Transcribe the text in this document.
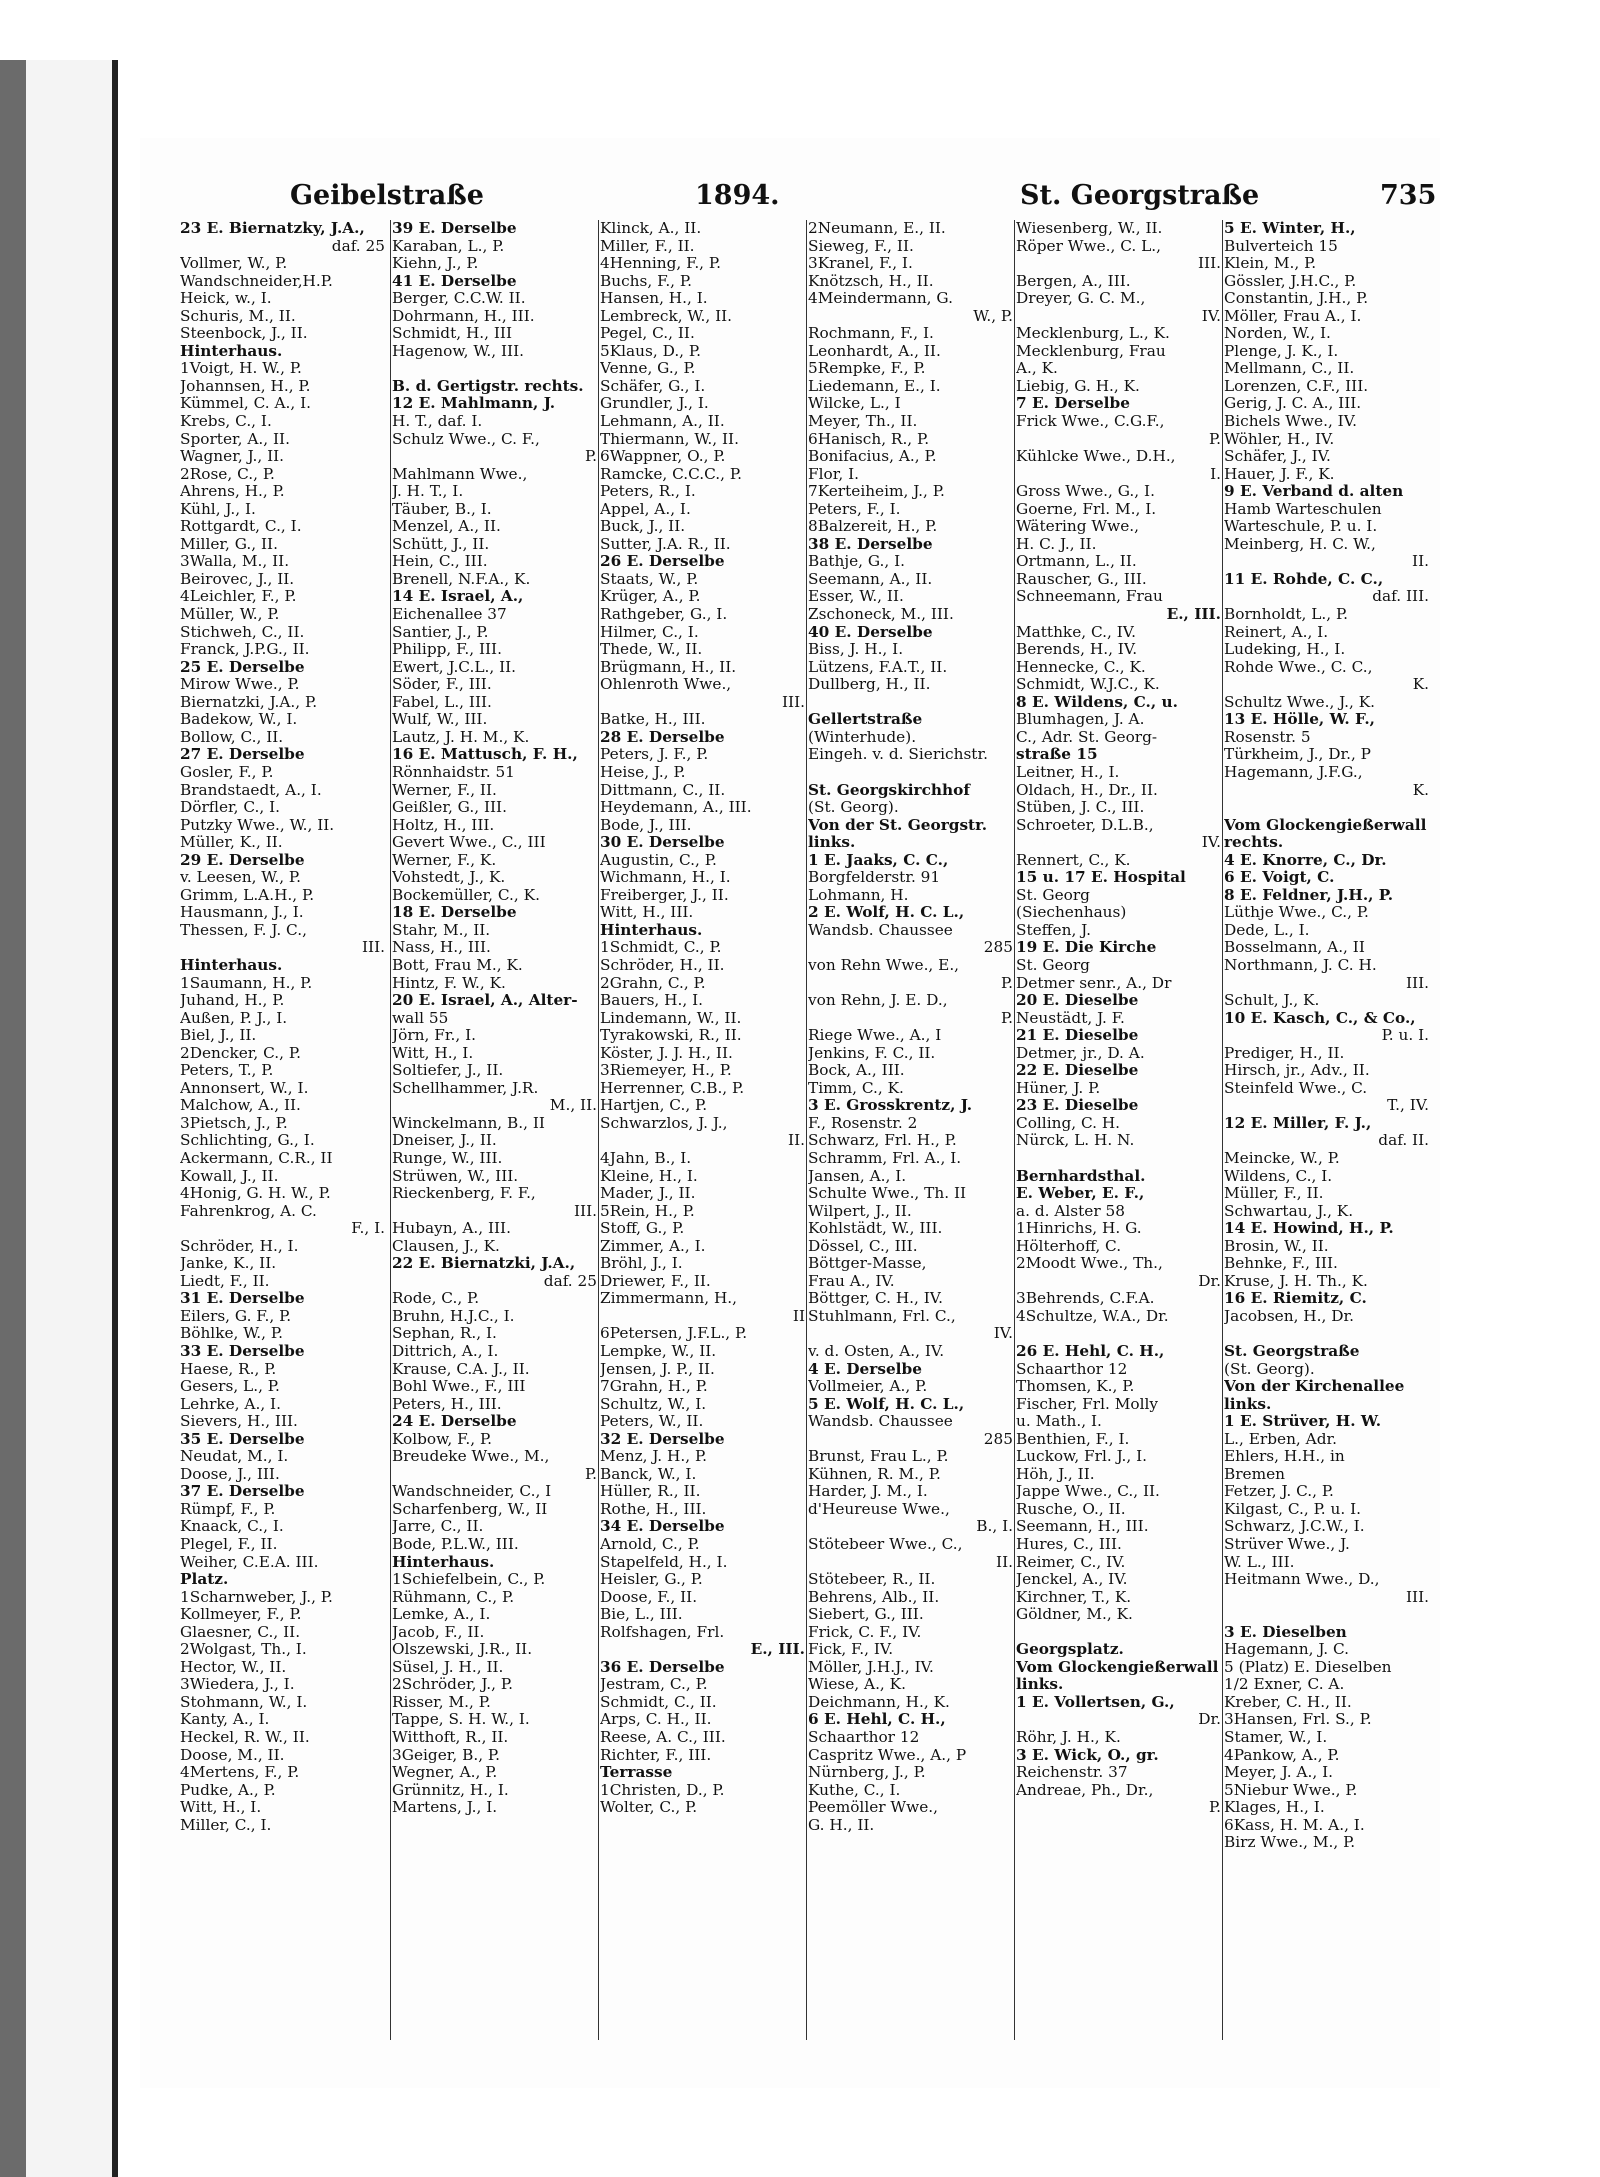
Geibelstraße	1894.	St. Georgstraße	735
23 E. Biernatzky, J.A.,
daf. 25
Vollmer, W., P.
Wandschneider,H.P.
Heick, w., I.
Schuris, M., II.
Steenbock, J., II.
Hinterhaus.
1Voigt, H. W., P.
Johannsen, H., P.
Kümmel, C. A., I.
Krebs, C., I.
Sporter, A., II.
Wagner, J., II.
2Rose, C., P.
Ahrens, H., P.
Kühl, J., I.
Rottgardt, C., I.
Miller, G., II.
3Walla, M., II.
Beirovec, J., II.
4Leichler, F., P.
Müller, W., P.
Stichweh, C., II.
Franck, J.P.G., II.
25 E. Derselbe
Mirow Wwe., P.
Biernatzki, J.A., P.
Badekow, W., I.
Bollow, C., II.
27 E. Derselbe
Gosler, F., P.
Brandstaedt, A., I.
Dörfler, C., I.
Putzky Wwe., W., II.
Müller, K., II.
29 E. Derselbe
v. Leesen, W., P.
Grimm, L.A.H., P.
Hausmann, J., I.
Thessen, F. J. C.,
III.
Hinterhaus.
1Saumann, H., P.
Juhand, H., P.
Außen, P. J., I.
Biel, J., II.
2Dencker, C., P.
Peters, T., P.
Annonsert, W., I.
Malchow, A., II.
3Pietsch, J., P.
Schlichting, G., I.
Ackermann, C.R., II
Kowall, J., II.
4Honig, G. H. W., P.
Fahrenkrog, A. C.
F., I.
Schröder, H., I.
Janke, K., II.
Liedt, F., II.
31 E. Derselbe
Eilers, G. F., P.
Böhlke, W., P.
33 E. Derselbe
Haese, R., P.
Gesers, L., P.
Lehrke, A., I.
Sievers, H., III.
35 E. Derselbe
Neudat, M., I.
Doose, J., III.
37 E. Derselbe
Rümpf, F., P.
Knaack, C., I.
Plegel, F., II.
Weiher, C.E.A. III.
Platz.
1Scharnweber, J., P.
Kollmeyer, F., P.
Glaesner, C., II.
2Wolgast, Th., I.
Hector, W., II.
3Wiedera, J., I.
Stohmann, W., I.
Kanty, A., I.
Heckel, R. W., II.
Doose, M., II.
4Mertens, F., P.
Pudke, A., P.
Witt, H., I.
Miller, C., I.
39 E. Derselbe
Karaban, L., P.
Kiehn, J., P.
41 E. Derselbe
Berger, C.C.W. II.
Dohrmann, H., III.
Schmidt, H., III
Hagenow, W., III.
B. d. Gertigstr. rechts.
12 E. Mahlmann, J.
H. T., daf. I.
Schulz Wwe., C. F.,
P.
Mahlmann Wwe.,
J. H. T., I.
Täuber, B., I.
Menzel, A., II.
Schütt, J., II.
Hein, C., III.
Brenell, N.F.A., K.
14 E. Israel, A.,
Eichenallee 37
Santier, J., P.
Philipp, F., III.
Ewert, J.C.L., II.
Söder, F., III.
Fabel, L., III.
Wulf, W., III.
Lautz, J. H. M., K.
16 E. Mattusch, F. H.,
Rönnhaidstr. 51
Werner, F., II.
Geißler, G., III.
Holtz, H., III.
Gevert Wwe., C., III
Werner, F., K.
Vohstedt, J., K.
Bockemüller, C., K.
18 E. Derselbe
Stahr, M., II.
Nass, H., III.
Bott, Frau M., K.
Hintz, F. W., K.
20 E. Israel, A., Alter-
wall 55
Jörn, Fr., I.
Witt, H., I.
Soltiefer, J., II.
Schellhammer, J.R.
M., II.
Winckelmann, B., II
Dneiser, J., II.
Runge, W., III.
Strüwen, W., III.
Rieckenberg, F. F.,
III.
Hubayn, A., III.
Clausen, J., K.
22 E. Biernatzki, J.A.,
daf. 25
Rode, C., P.
Bruhn, H.J.C., I.
Sephan, R., I.
Dittrich, A., I.
Krause, C.A. J., II.
Bohl Wwe., F., III
Peters, H., III.
24 E. Derselbe
Kolbow, F., P.
Breudeke Wwe., M.,
P.
Wandschneider, C., I
Scharfenberg, W., II
Jarre, C., II.
Bode, P.L.W., III.
Hinterhaus.
1Schiefelbein, C., P.
Rühmann, C., P.
Lemke, A., I.
Jacob, F., II.
Olszewski, J.R., II.
Süsel, J. H., II.
2Schröder, J., P.
Risser, M., P.
Tappe, S. H. W., I.
Witthoft, R., II.
3Geiger, B., P.
Wegner, A., P.
Grünnitz, H., I.
Martens, J., I.
Klinck, A., II.
Miller, F., II.
4Henning, F., P.
Buchs, F., P.
Hansen, H., I.
Lembreck, W., II.
Pegel, C., II.
5Klaus, D., P.
Venne, G., P.
Schäfer, G., I.
Grundler, J., I.
Lehmann, A., II.
Thiermann, W., II.
6Wappner, O., P.
Ramcke, C.C.C., P.
Peters, R., I.
Appel, A., I.
Buck, J., II.
Sutter, J.A. R., II.
26 E. Derselbe
Staats, W., P.
Krüger, A., P.
Rathgeber, G., I.
Hilmer, C., I.
Thede, W., II.
Brügmann, H., II.
Ohlenroth Wwe.,
III.
Batke, H., III.
28 E. Derselbe
Peters, J. F., P.
Heise, J., P.
Dittmann, C., II.
Heydemann, A., III.
Bode, J., III.
30 E. Derselbe
Augustin, C., P.
Wichmann, H., I.
Freiberger, J., II.
Witt, H., III.
Hinterhaus.
1Schmidt, C., P.
Schröder, H., II.
2Grahn, C., P.
Bauers, H., I.
Lindemann, W., II.
Tyrakowski, R., II.
Köster, J. J. H., II.
3Riemeyer, H., P.
Herrenner, C.B., P.
Hartjen, C., P.
Schwarzlos, J. J.,
II.
4Jahn, B., I.
Kleine, H., I.
Mader, J., II.
5Rein, H., P.
Stoff, G., P.
Zimmer, A., I.
Bröhl, J., I.
Driewer, F., II.
Zimmermann, H.,
II
6Petersen, J.F.L., P.
Lempke, W., II.
Jensen, J. P., II.
7Grahn, H., P.
Schultz, W., I.
Peters, W., II.
32 E. Derselbe
Menz, J. H., P.
Banck, W., I.
Hüller, R., II.
Rothe, H., III.
34 E. Derselbe
Arnold, C., P.
Stapelfeld, H., I.
Heisler, G., P.
Doose, F., II.
Bie, L., III.
Rolfshagen, Frl.
E., III.
36 E. Derselbe
Jestram, C., P.
Schmidt, C., II.
Arps, C. H., II.
Reese, A. C., III.
Richter, F., III.
Terrasse
1Christen, D., P.
Wolter, C., P.
2Neumann, E., II.
Sieweg, F., II.
3Kranel, F., I.
Knötzsch, H., II.
4Meindermann, G.
W., P.
Rochmann, F., I.
Leonhardt, A., II.
5Rempke, F., P.
Liedemann, E., I.
Wilcke, L., I
Meyer, Th., II.
6Hanisch, R., P.
Bonifacius, A., P.
Flor, I.
7Kerteiheim, J., P.
Peters, F., I.
8Balzereit, H., P.
38 E. Derselbe
Bathje, G., I.
Seemann, A., II.
Esser, W., II.
Zschoneck, M., III.
40 E. Derselbe
Biss, J. H., I.
Lützens, F.A.T., II.
Dullberg, H., II.
Gellertstraße
(Winterhude).
Eingeh. v. d. Sierichstr.
St. Georgskirchhof
(St. Georg).
Von der St. Georgstr.
links.
1 E. Jaaks, C. C.,
Borgfelderstr. 91
Lohmann, H.
2 E. Wolf, H. C. L.,
Wandsb. Chaussee
285
von Rehn Wwe., E.,
P.
von Rehn, J. E. D.,
P.
Riege Wwe., A., I
Jenkins, F. C., II.
Bock, A., III.
Timm, C., K.
3 E. Grosskrentz, J.
F., Rosenstr. 2
Schwarz, Frl. H., P.
Schramm, Frl. A., I.
Jansen, A., I.
Schulte Wwe., Th. II
Wilpert, J., II.
Kohlstädt, W., III.
Dössel, C., III.
Böttger-Masse,
Frau A., IV.
Böttger, C. H., IV.
Stuhlmann, Frl. C.,
IV.
v. d. Osten, A., IV.
4 E. Derselbe
Vollmeier, A., P.
5 E. Wolf, H. C. L.,
Wandsb. Chaussee
285
Brunst, Frau L., P.
Kühnen, R. M., P.
Harder, J. M., I.
d'Heureuse Wwe.,
B., I.
Stötebeer Wwe., C.,
II.
Stötebeer, R., II.
Behrens, Alb., II.
Siebert, G., III.
Frick, C. F., IV.
Fick, F., IV.
Möller, J.H.J., IV.
Wiese, A., K.
Deichmann, H., K.
6 E. Hehl, C. H.,
Schaarthor 12
Caspritz Wwe., A., P
Nürnberg, J., P.
Kuthe, C., I.
Peemöller Wwe.,
G. H., II.
Wiesenberg, W., II.
Röper Wwe., C. L.,
III.
Bergen, A., III.
Dreyer, G. C. M.,
IV.
Mecklenburg, L., K.
Mecklenburg, Frau
A., K.
Liebig, G. H., K.
7 E. Derselbe
Frick Wwe., C.G.F.,
P.
Kühlcke Wwe., D.H.,
I.
Gross Wwe., G., I.
Goerne, Frl. M., I.
Wätering Wwe.,
H. C. J., II.
Ortmann, L., II.
Rauscher, G., III.
Schneemann, Frau
E., III.
Matthke, C., IV.
Berends, H., IV.
Hennecke, C., K.
Schmidt, W.J.C., K.
8 E. Wildens, C., u.
Blumhagen, J. A.
C., Adr. St. Georg-
straße 15
Leitner, H., I.
Oldach, H., Dr., II.
Stüben, J. C., III.
Schroeter, D.L.B.,
IV.
Rennert, C., K.
15 u. 17 E. Hospital
St. Georg
(Siechenhaus)
Steffen, J.
19 E. Die Kirche
St. Georg
Detmer senr., A., Dr
20 E. Dieselbe
Neustädt, J. F.
21 E. Dieselbe
Detmer, jr., D. A.
22 E. Dieselbe
Hüner, J. P.
23 E. Dieselbe
Colling, C. H.
Nürck, L. H. N.
Bernhardsthal.
E. Weber, E. F.,
a. d. Alster 58
1Hinrichs, H. G.
Hölterhoff, C.
2Moodt Wwe., Th.,
Dr.
3Behrends, C.F.A.
4Schultze, W.A., Dr.
26 E. Hehl, C. H.,
Schaarthor 12
Thomsen, K., P.
Fischer, Frl. Molly
u. Math., I.
Benthien, F., I.
Luckow, Frl. J., I.
Höh, J., II.
Jappe Wwe., C., II.
Rusche, O., II.
Seemann, H., III.
Hures, C., III.
Reimer, C., IV.
Jenckel, A., IV.
Kirchner, T., K.
Göldner, M., K.
Georgsplatz.
Vom Glockengießerwall
links.
1 E. Vollertsen, G.,
Dr.
Röhr, J. H., K.
3 E. Wick, O., gr.
Reichenstr. 37
Andreae, Ph., Dr.,
P.
5 E. Winter, H.,
Bulverteich 15
Klein, M., P.
Gössler, J.H.C., P.
Constantin, J.H., P.
Möller, Frau A., I.
Norden, W., I.
Plenge, J. K., I.
Mellmann, C., II.
Lorenzen, C.F., III.
Gerig, J. C. A., III.
Bichels Wwe., IV.
Wöhler, H., IV.
Schäfer, J., IV.
Hauer, J. F., K.
9 E. Verband d. alten
Hamb Warteschulen
Warteschule, P. u. I.
Meinberg, H. C. W.,
II.
11 E. Rohde, C. C.,
daf. III.
Bornholdt, L., P.
Reinert, A., I.
Ludeking, H., I.
Rohde Wwe., C. C.,
K.
Schultz Wwe., J., K.
13 E. Hölle, W. F.,
Rosenstr. 5
Türkheim, J., Dr., P
Hagemann, J.F.G.,
K.
Vom Glockengießerwall
rechts.
4 E. Knorre, C., Dr.
6 E. Voigt, C.
8 E. Feldner, J.H., P.
Lüthje Wwe., C., P.
Dede, L., I.
Bosselmann, A., II
Northmann, J. C. H.
III.
Schult, J., K.
10 E. Kasch, C., & Co.,
P. u. I.
Prediger, H., II.
Hirsch, jr., Adv., II.
Steinfeld Wwe., C.
T., IV.
12 E. Miller, F. J.,
daf. II.
Meincke, W., P.
Wildens, C., I.
Müller, F., II.
Schwartau, J., K.
14 E. Howind, H., P.
Brosin, W., II.
Behnke, F., III.
Kruse, J. H. Th., K.
16 E. Riemitz, C.
Jacobsen, H., Dr.
St. Georgstraße
(St. Georg).
Von der Kirchenallee
links.
1 E. Strüver, H. W.
L., Erben, Adr.
Ehlers, H.H., in
Bremen
Fetzer, J. C., P.
Kilgast, C., P. u. I.
Schwarz, J.C.W., I.
Strüver Wwe., J.
W. L., III.
Heitmann Wwe., D.,
III.
3 E. Dieselben
Hagemann, J. C.
5 (Platz) E. Dieselben
1/2 Exner, C. A.
Kreber, C. H., II.
3Hansen, Frl. S., P.
Stamer, W., I.
4Pankow, A., P.
Meyer, J. A., I.
5Niebur Wwe., P.
Klages, H., I.
6Kass, H. M. A., I.
Birz Wwe., M., P.
